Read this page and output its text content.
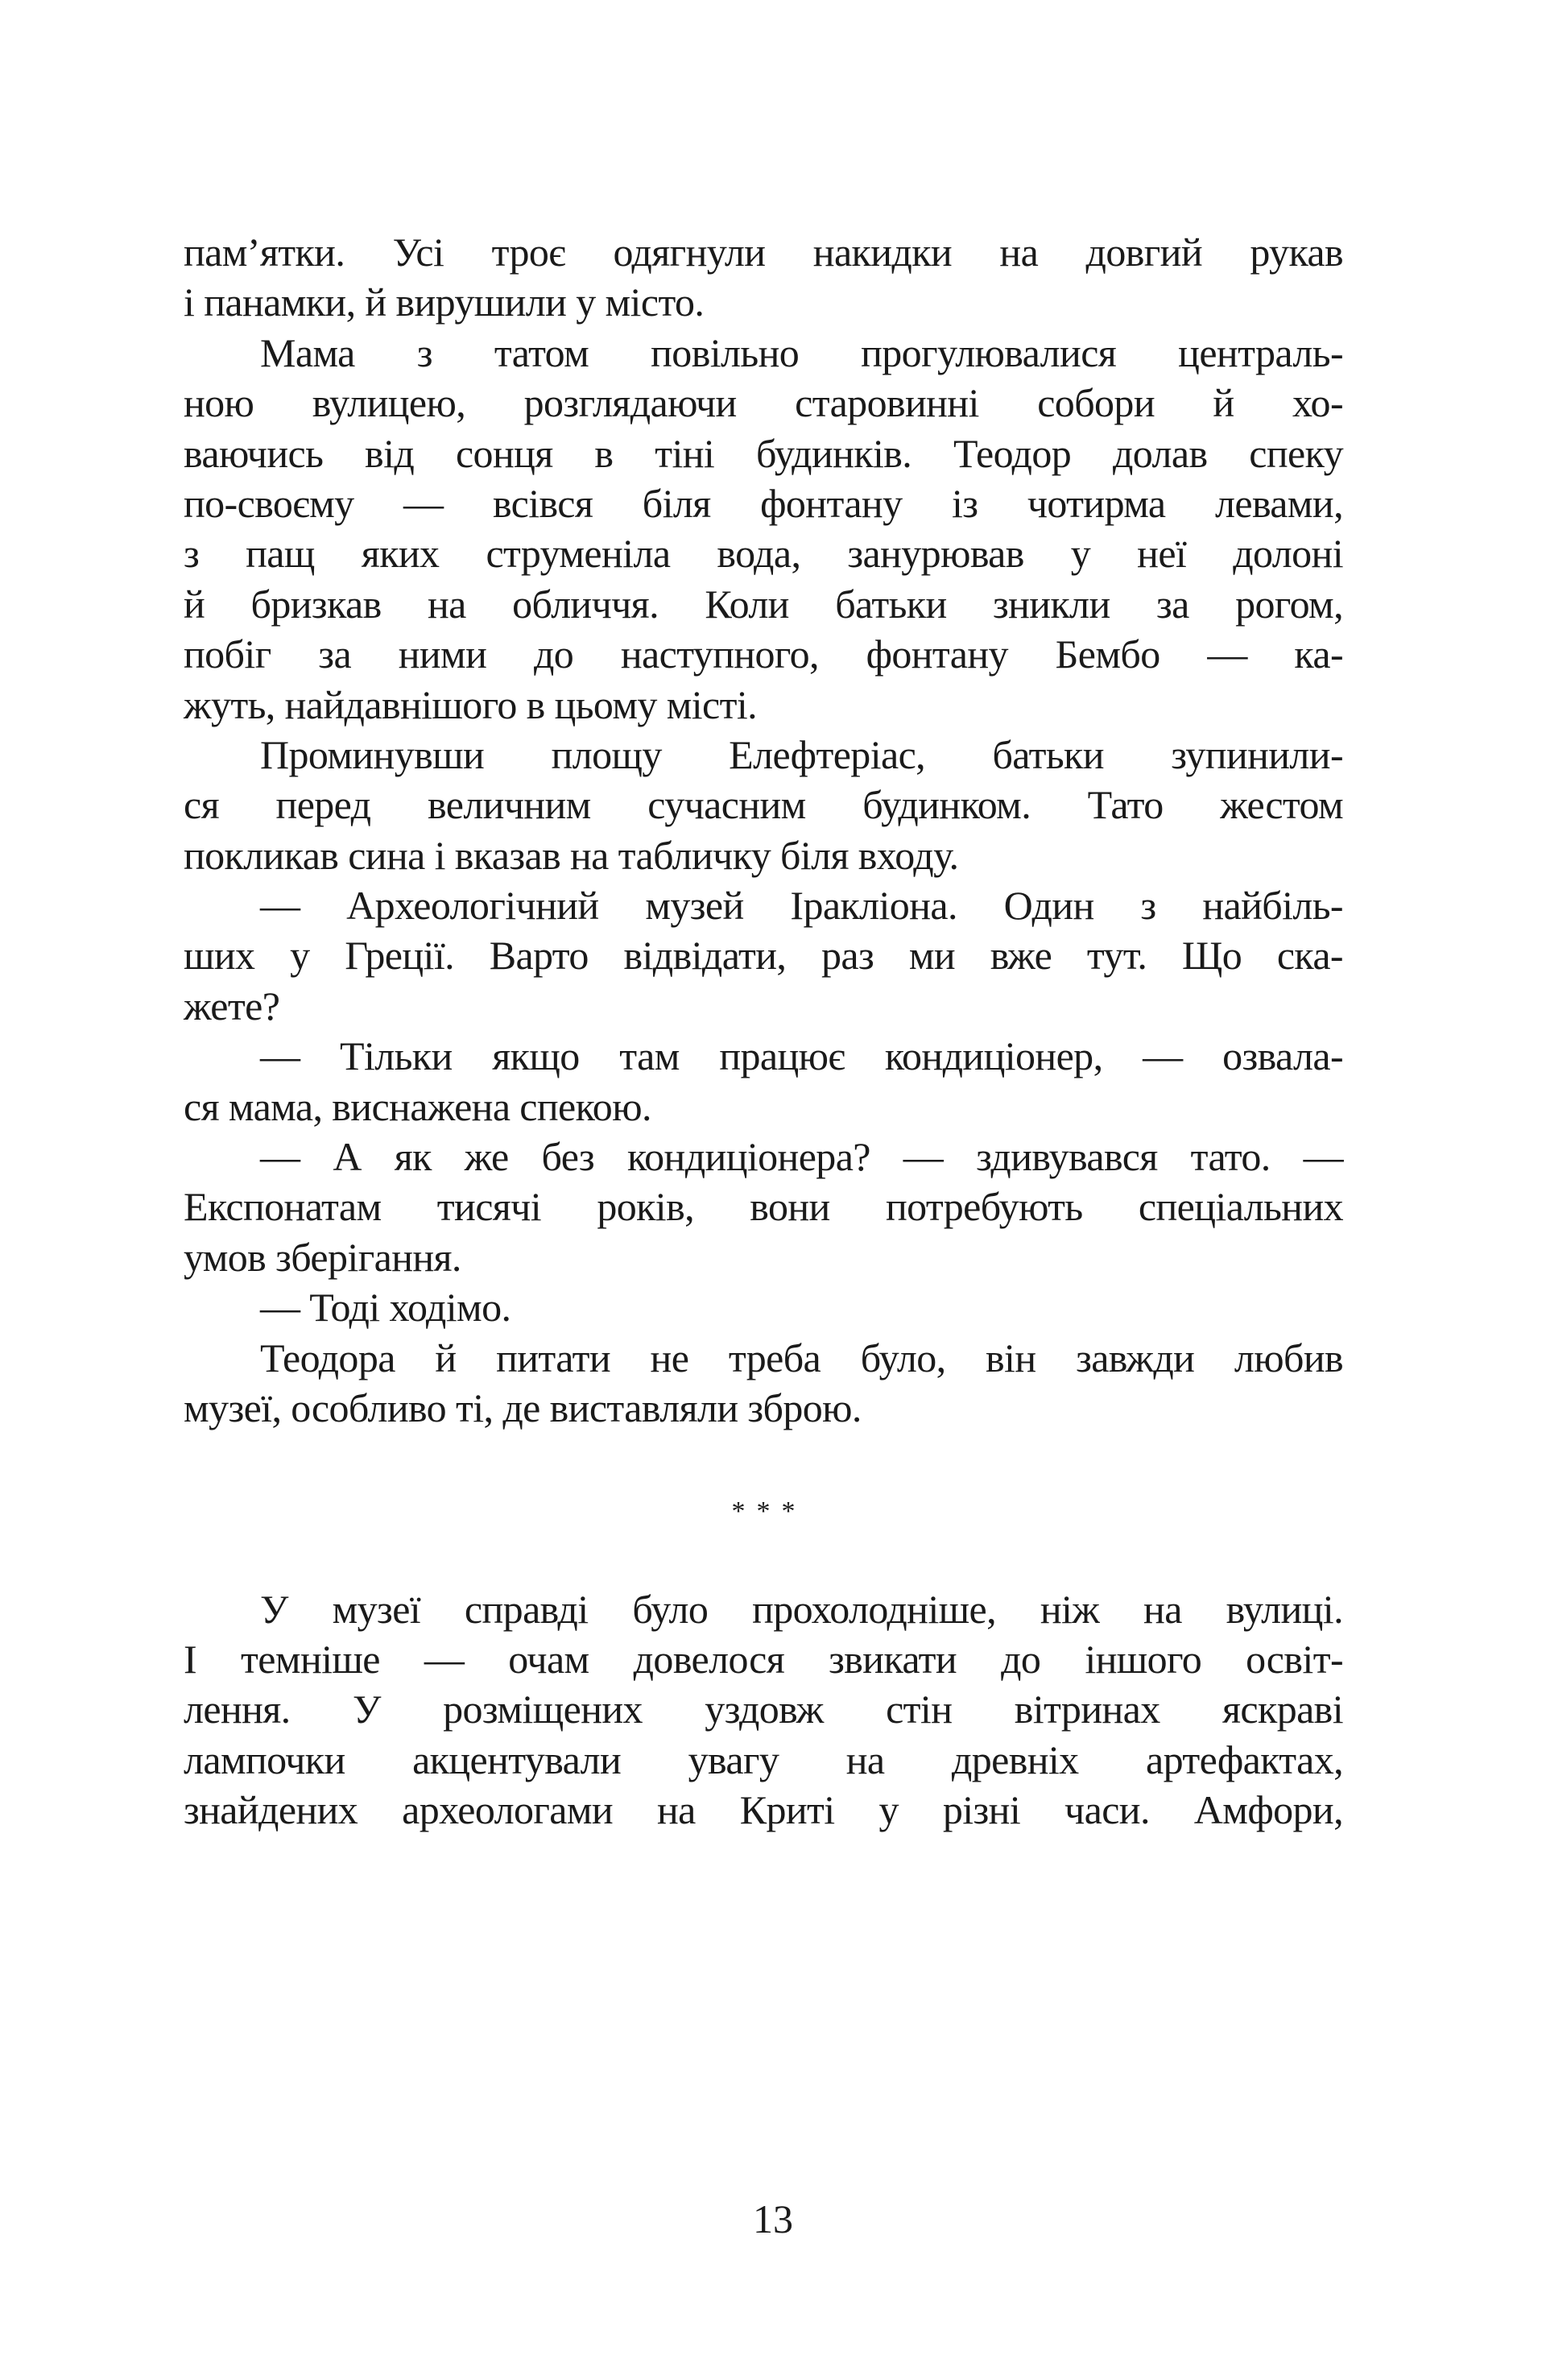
пам’ятки. Усі троє одягнули накидки на довгий рукав
і панамки, й вирушили у місто.
Мама з татом повільно прогулювалися централь-
ною вулицею, розглядаючи старовинні собори й хо-
ваючись від сонця в тіні будинків. Теодор долав спеку
по-своєму — всівся біля фонтану із чотирма левами,
з пащ яких струменіла вода, занурював у неї долоні
й бризкав на обличчя. Коли батьки зникли за рогом,
побіг за ними до наступного, фонтану Бембо — ка-
жуть, найдавнішого в цьому місті.
Проминувши площу Елефтеріас, батьки зупинили-
ся перед величним сучасним будинком. Тато жестом
покликав сина і вказав на табличку біля входу.
— Археологічний музей Іракліона. Один з найбіль-
ших у Греції. Варто відвідати, раз ми вже тут. Що ска-
жете?
— Тільки якщо там працює кондиціонер, — озвала-
ся мама, виснажена спекою.
— А як же без кондиціонера? — здивувався тато. —
Експонатам тисячі років, вони потребують спеціальних
умов зберігання.
— Тоді ходімо.
Теодора й питати не треба було, він завжди любив
музеї, особливо ті, де виставляли зброю.
***
У музеї справді було прохолодніше, ніж на вулиці.
І темніше — очам довелося звикати до іншого освіт-
лення. У розміщених уздовж стін вітринах яскраві
лампочки акцентували увагу на древніх артефактах,
знайдених археологами на Криті у різні часи. Амфори,
13
